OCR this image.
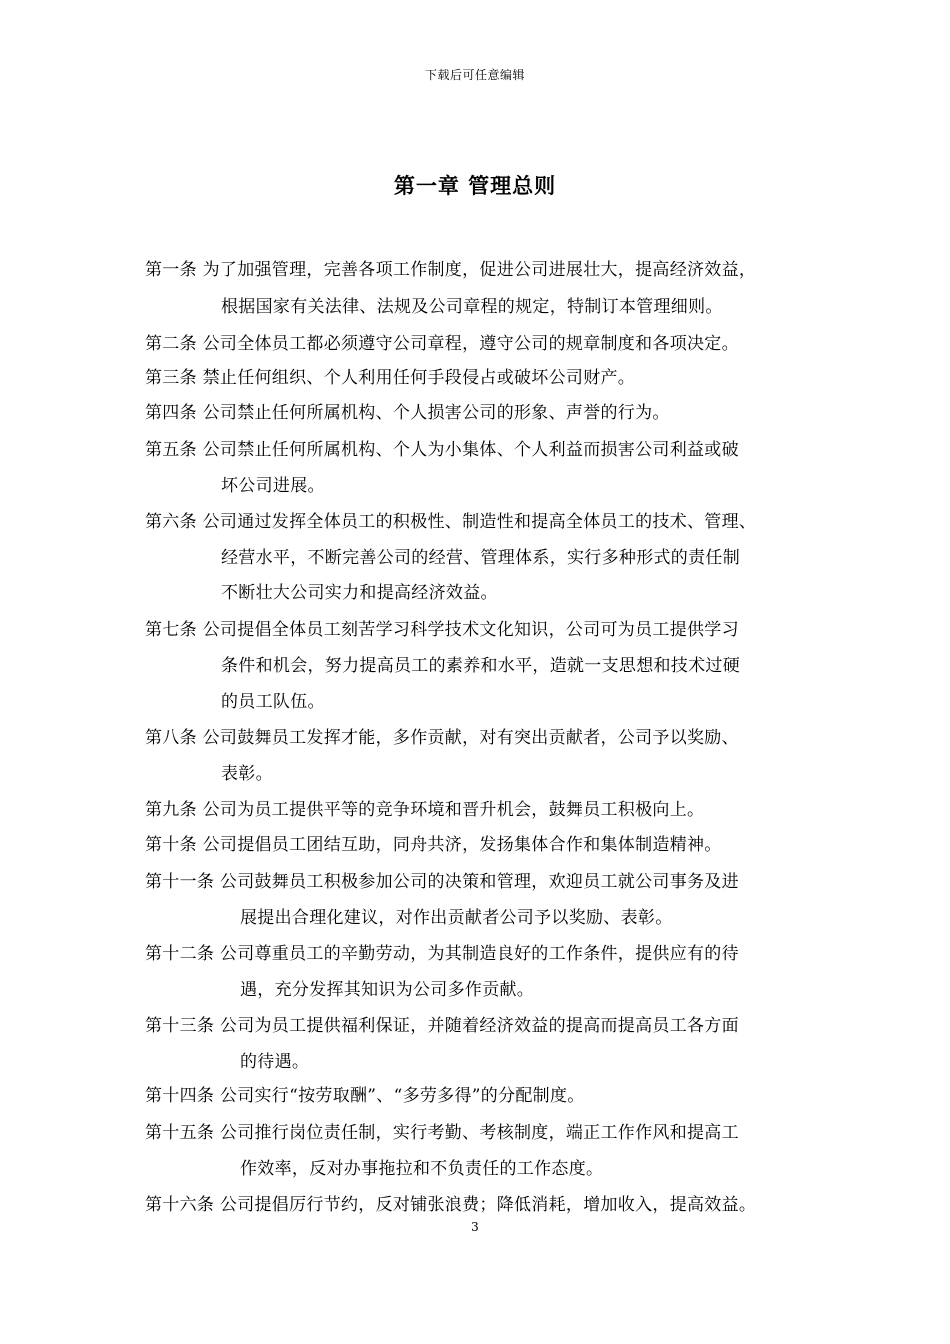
下载后可任意编辑
第一章 管理总则
第一条 为了加强管理，完善各项工作制度，促进公司进展壮大，提高经济效益，
根据国家有关法律、法规及公司章程的规定，特制订本管理细则。
第二条 公司全体员工都必须遵守公司章程，遵守公司的规章制度和各项决定。
第三条 禁止任何组织、个人利用任何手段侵占或破坏公司财产。
第四条 公司禁止任何所属机构、个人损害公司的形象、声誉的行为。
第五条 公司禁止任何所属机构、个人为小集体、个人利益而损害公司利益或破
坏公司进展。
第六条 公司通过发挥全体员工的积极性、制造性和提高全体员工的技术、管理、
经营水平，不断完善公司的经营、管理体系，实行多种形式的责任制
不断壮大公司实力和提高经济效益。
第七条 公司提倡全体员工刻苦学习科学技术文化知识，公司可为员工提供学习
条件和机会，努力提高员工的素养和水平，造就一支思想和技术过硬
的员工队伍。
第八条 公司鼓舞员工发挥才能，多作贡献，对有突出贡献者，公司予以奖励、
表彰。
第九条 公司为员工提供平等的竞争环境和晋升机会，鼓舞员工积极向上。
第十条 公司提倡员工团结互助，同舟共济，发扬集体合作和集体制造精神。
第十一条 公司鼓舞员工积极参加公司的决策和管理，欢迎员工就公司事务及进
展提出合理化建议，对作出贡献者公司予以奖励、表彰。
第十二条 公司尊重员工的辛勤劳动，为其制造良好的工作条件，提供应有的待
遇，充分发挥其知识为公司多作贡献。
第十三条 公司为员工提供福利保证，并随着经济效益的提高而提高员工各方面
的待遇。
第十四条 公司实行“按劳取酬”、“多劳多得”的分配制度。
第十五条 公司推行岗位责任制，实行考勤、考核制度，端正工作作风和提高工
作效率，反对办事拖拉和不负责任的工作态度。
第十六条 公司提倡厉行节约，反对铺张浪费；降低消耗，增加收入，提高效益。
3
